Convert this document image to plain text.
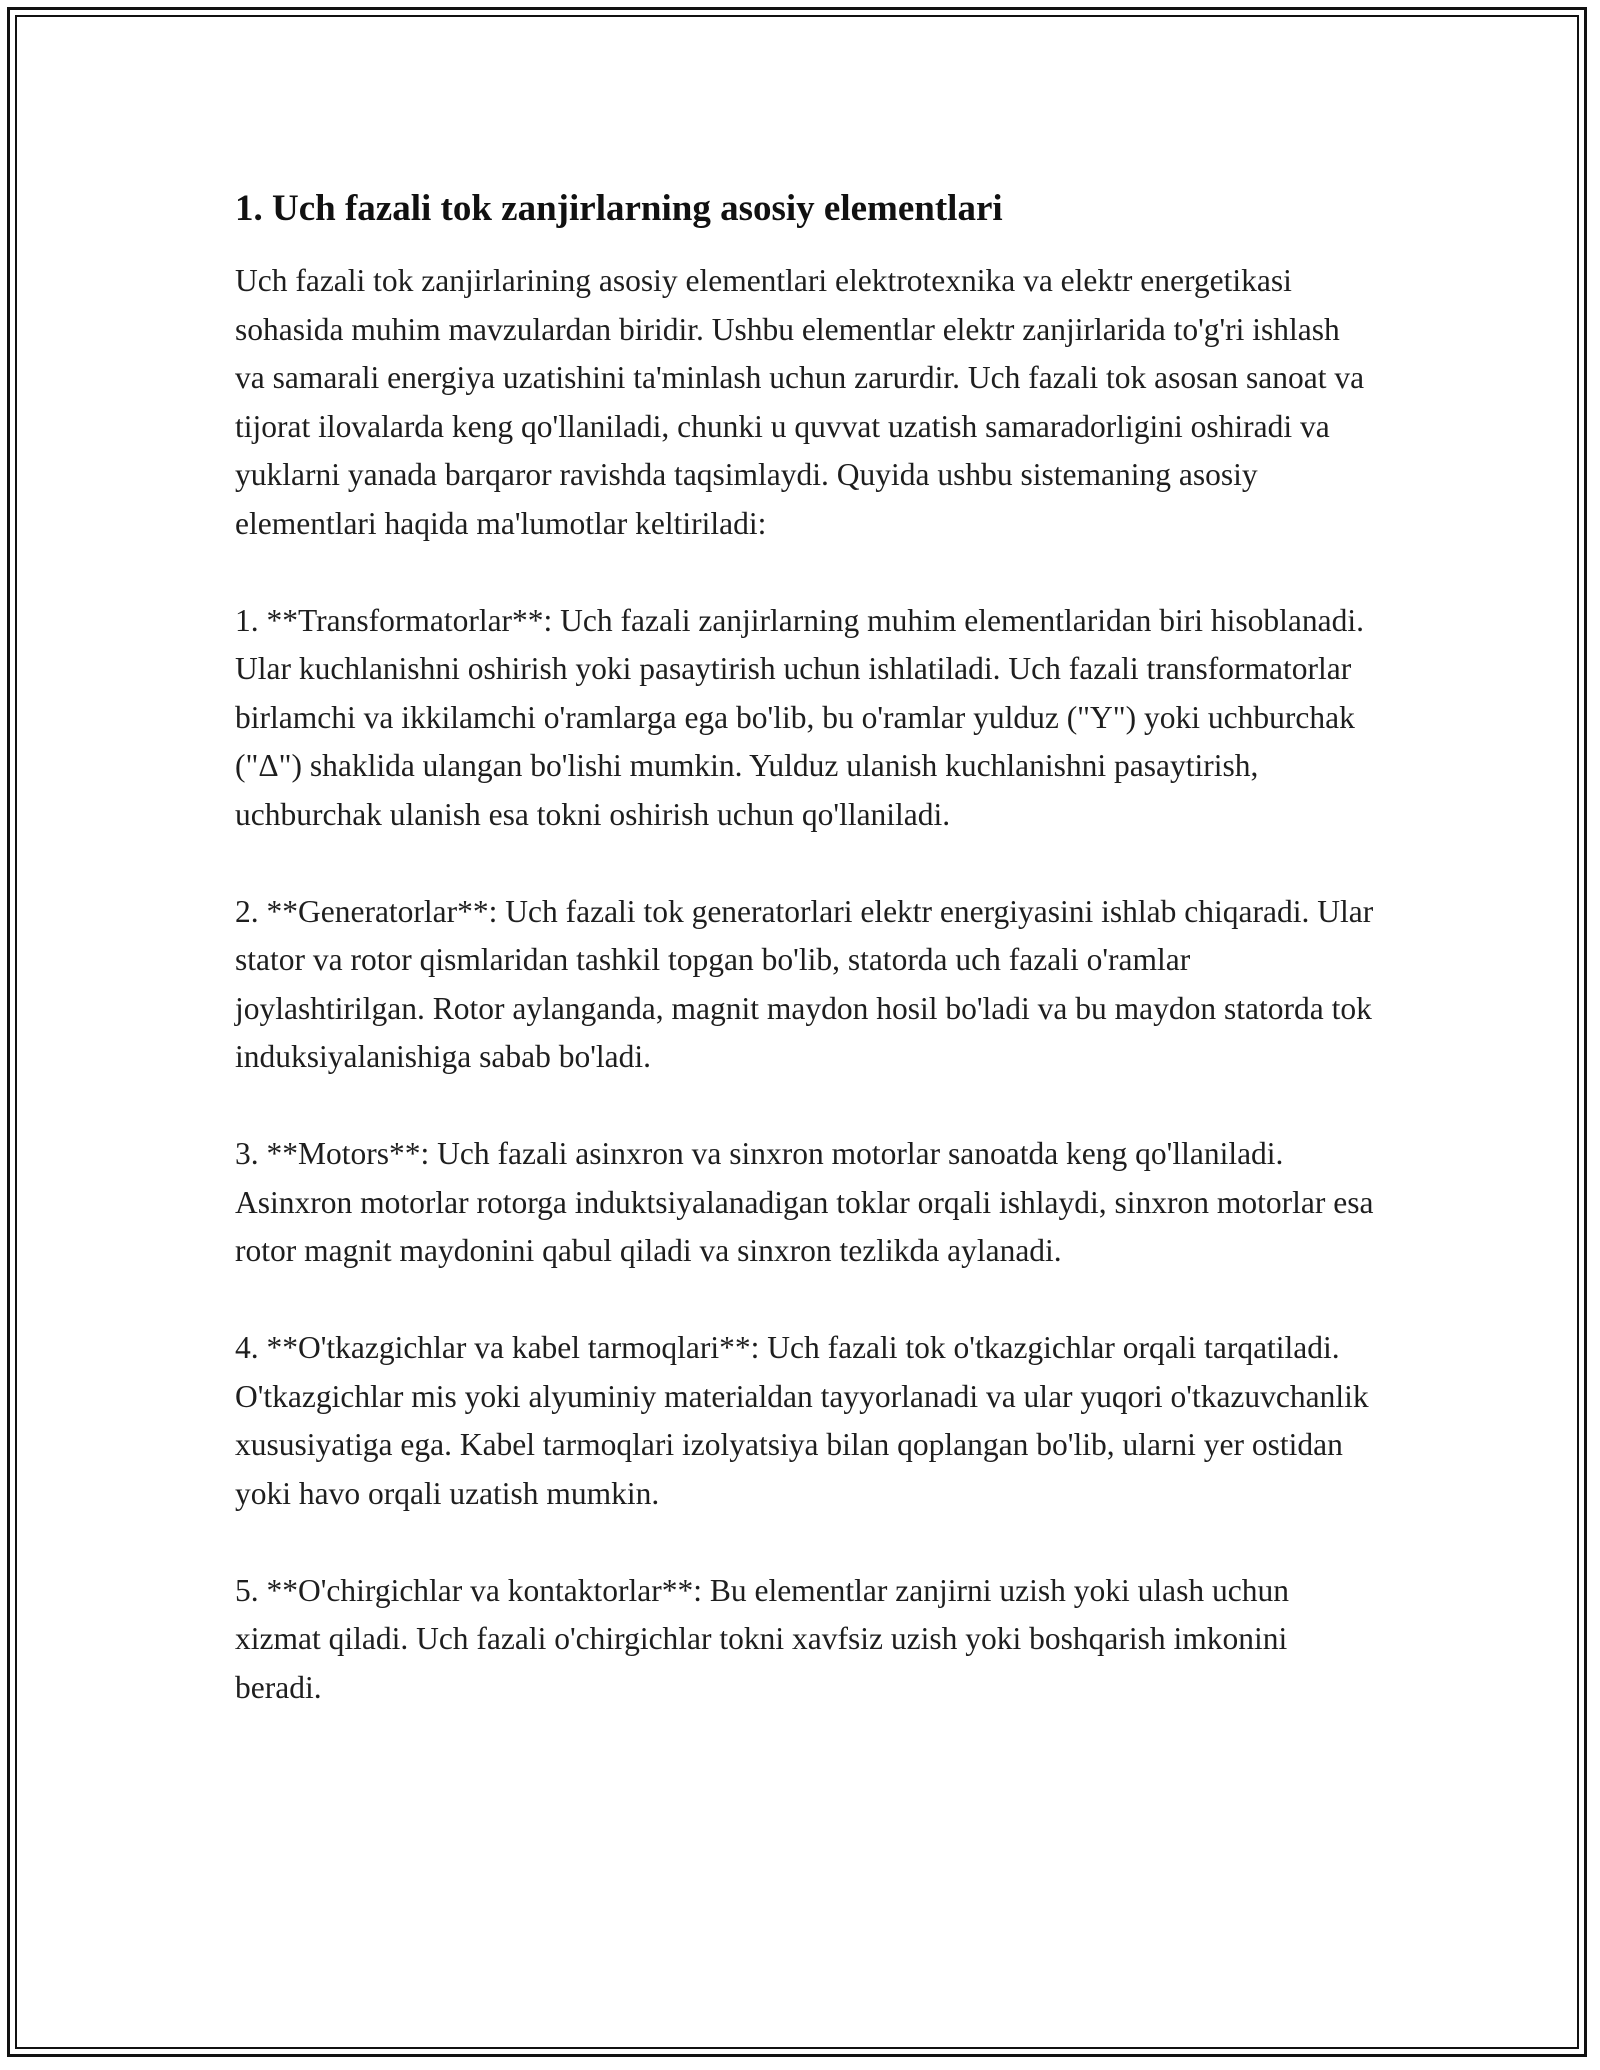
1. Uch fazali tok zanjirlarning asosiy elementlari

Uch fazali tok zanjirlarining asosiy elementlari elektrotexnika va elektr energetikasi sohasida muhim mavzulardan biridir. Ushbu elementlar elektr zanjirlarida to'g'ri ishlash va samarali energiya uzatishini ta'minlash uchun zarurdir. Uch fazali tok asosan sanoat va tijorat ilovalarda keng qo'llaniladi, chunki u quvvat uzatish samaradorligini oshiradi va yuklarni yanada barqaror ravishda taqsimlaydi. Quyida ushbu sistemaning asosiy elementlari haqida ma'lumotlar keltiriladi:

1. **Transformatorlar**: Uch fazali zanjirlarning muhim elementlaridan biri hisoblanadi. Ular kuchlanishni oshirish yoki pasaytirish uchun ishlatiladi. Uch fazali transformatorlar birlamchi va ikkilamchi o'ramlarga ega bo'lib, bu o'ramlar yulduz ("Y") yoki uchburchak ("Δ") shaklida ulangan bo'lishi mumkin. Yulduz ulanish kuchlanishni pasaytirish, uchburchak ulanish esa tokni oshirish uchun qo'llaniladi.

2. **Generatorlar**: Uch fazali tok generatorlari elektr energiyasini ishlab chiqaradi. Ular stator va rotor qismlaridan tashkil topgan bo'lib, statorda uch fazali o'ramlar joylashtirilgan. Rotor aylanganda, magnit maydon hosil bo'ladi va bu maydon statorda tok induksiyalanishiga sabab bo'ladi.

3. **Motors**: Uch fazali asinxron va sinxron motorlar sanoatda keng qo'llaniladi. Asinxron motorlar rotorga induktsiyalanadigan toklar orqali ishlaydi, sinxron motorlar esa rotor magnit maydonini qabul qiladi va sinxron tezlikda aylanadi.

4. **O'tkazgichlar va kabel tarmoqlari**: Uch fazali tok o'tkazgichlar orqali tarqatiladi. O'tkazgichlar mis yoki alyuminiy materialdan tayyorlanadi va ular yuqori o'tkazuvchanlik xususiyatiga ega. Kabel tarmoqlari izolyatsiya bilan qoplangan bo'lib, ularni yer ostidan yoki havo orqali uzatish mumkin.

5. **O'chirgichlar va kontaktorlar**: Bu elementlar zanjirni uzish yoki ulash uchun xizmat qiladi. Uch fazali o'chirgichlar tokni xavfsiz uzish yoki boshqarish imkonini beradi.
